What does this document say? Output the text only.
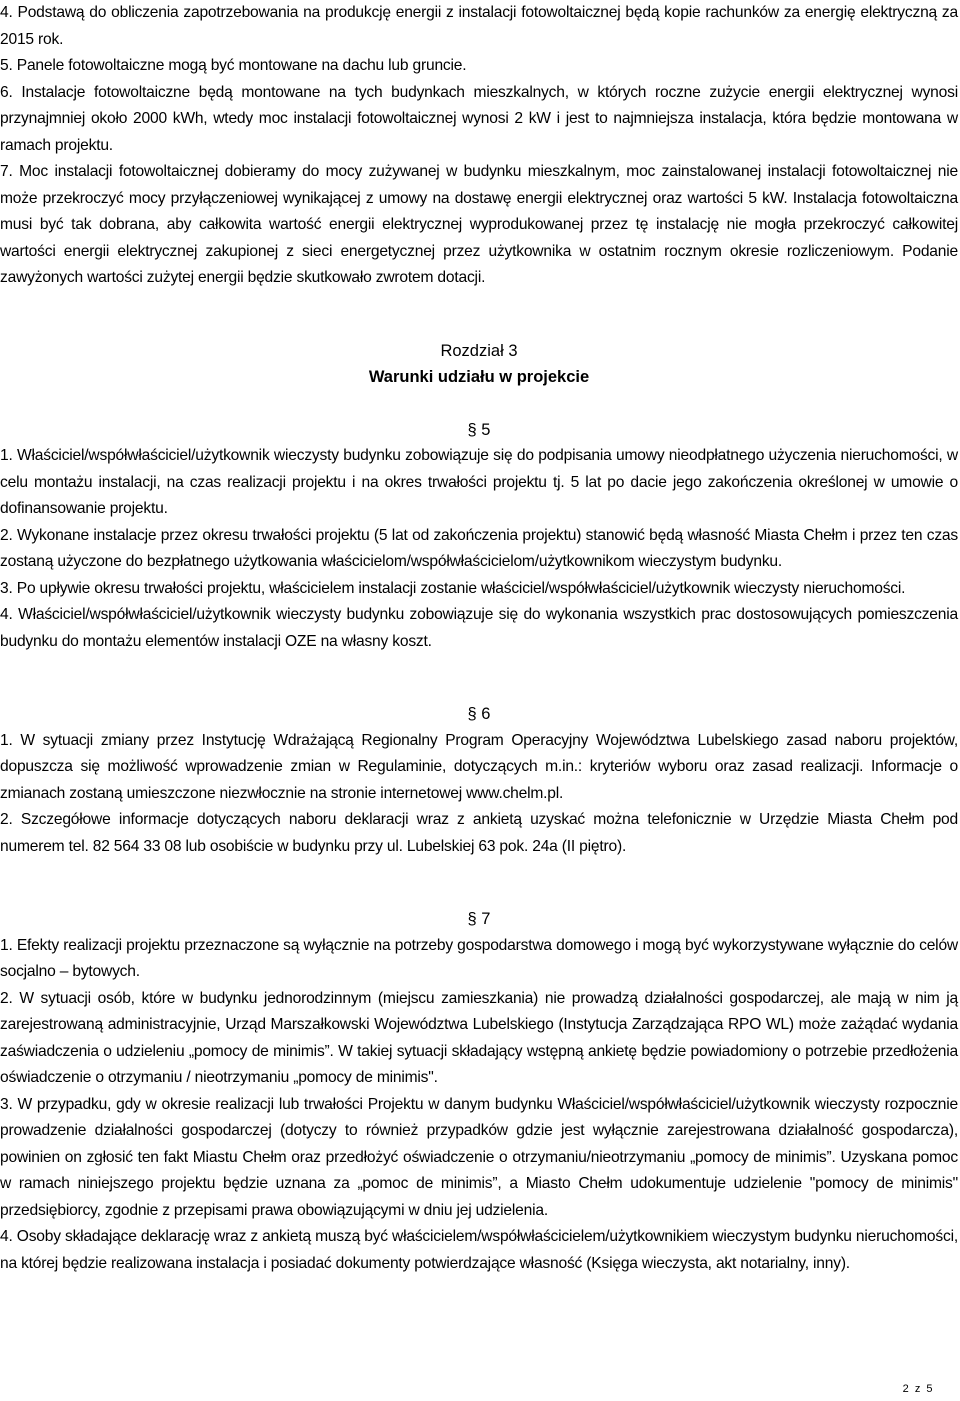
4. Podstawą do obliczenia zapotrzebowania na produkcję energii z instalacji fotowoltaicznej będą kopie rachunków za energię elektryczną za 2015 rok.

5. Panele fotowoltaiczne mogą być montowane na dachu lub gruncie.

6. Instalacje fotowoltaiczne będą montowane na tych budynkach mieszkalnych, w których roczne zużycie energii elektrycznej wynosi przynajmniej około 2000 kWh, wtedy moc instalacji fotowoltaicznej wynosi 2 kW i jest to najmniejsza instalacja, która będzie montowana w ramach projektu.

7. Moc instalacji fotowoltaicznej dobieramy do mocy zużywanej w budynku mieszkalnym, moc zainstalowanej instalacji fotowoltaicznej nie może przekroczyć mocy przyłączeniowej wynikającej z umowy na dostawę energii elektrycznej oraz wartości 5 kW. Instalacja fotowoltaiczna musi być tak dobrana, aby całkowita wartość energii elektrycznej wyprodukowanej przez tę instalację nie mogła przekroczyć całkowitej wartości energii elektrycznej zakupionej z sieci energetycznej przez użytkownika w ostatnim rocznym okresie rozliczeniowym. Podanie zawyżonych wartości zużytej energii będzie skutkowało zwrotem dotacji.

Rozdział 3

Warunki udziału w projekcie

§ 5

1. Właściciel/współwłaściciel/użytkownik wieczysty budynku zobowiązuje się do podpisania umowy nieodpłatnego użyczenia nieruchomości, w celu montażu instalacji, na czas realizacji projektu i na okres trwałości projektu tj. 5 lat po dacie jego zakończenia określonej w umowie o dofinansowanie projektu.

2. Wykonane instalacje przez okresu trwałości projektu (5 lat od zakończenia projektu) stanowić będą własność Miasta Chełm i przez ten czas zostaną użyczone do bezpłatnego użytkowania właścicielom/współwłaścicielom/użytkownikom wieczystym budynku.

3. Po upływie okresu trwałości projektu, właścicielem instalacji zostanie właściciel/współwłaściciel/użytkownik wieczysty nieruchomości.

4. Właściciel/współwłaściciel/użytkownik wieczysty budynku zobowiązuje się do wykonania wszystkich prac dostosowujących pomieszczenia budynku do montażu elementów instalacji OZE na własny koszt.

§ 6

1. W sytuacji zmiany przez Instytucję Wdrażającą Regionalny Program Operacyjny Województwa Lubelskiego zasad naboru projektów, dopuszcza się możliwość wprowadzenie zmian w Regulaminie, dotyczących m.in.: kryteriów wyboru oraz zasad realizacji. Informacje o zmianach zostaną umieszczone niezwłocznie na stronie internetowej www.chelm.pl.

2. Szczegółowe informacje dotyczących naboru deklaracji wraz z ankietą uzyskać można telefonicznie w Urzędzie Miasta Chełm pod numerem tel. 82 564 33 08 lub osobiście w budynku przy ul. Lubelskiej 63 pok. 24a (II piętro).

§ 7

1. Efekty realizacji projektu przeznaczone są wyłącznie na potrzeby gospodarstwa domowego i mogą być wykorzystywane wyłącznie do celów socjalno – bytowych.

2. W sytuacji osób, które w budynku jednorodzinnym (miejscu zamieszkania) nie prowadzą działalności gospodarczej, ale mają w nim ją zarejestrowaną administracyjnie, Urząd Marszałkowski Województwa Lubelskiego (Instytucja Zarządzająca RPO WL) może zażądać wydania zaświadczenia o udzieleniu „pomocy de minimis”. W takiej sytuacji składający wstępną ankietę będzie powiadomiony o potrzebie przedłożenia oświadczenie o otrzymaniu / nieotrzymaniu „pomocy de minimis".

3. W przypadku, gdy w okresie realizacji lub trwałości Projektu w danym budynku Właściciel/współwłaściciel/użytkownik wieczysty rozpocznie prowadzenie działalności gospodarczej (dotyczy to również przypadków gdzie jest wyłącznie zarejestrowana działalność gospodarcza), powinien on zgłosić ten fakt Miastu Chełm oraz przedłożyć oświadczenie o otrzymaniu/nieotrzymaniu „pomocy de minimis”. Uzyskana pomoc w ramach niniejszego projektu będzie uznana za „pomoc de minimis”, a Miasto Chełm udokumentuje udzielenie "pomocy de minimis" przedsiębiorcy, zgodnie z przepisami prawa obowiązującymi w dniu jej udzielenia.

4. Osoby składające deklarację wraz z ankietą muszą być właścicielem/współwłaścicielem/użytkownikiem wieczystym budynku nieruchomości, na której będzie realizowana instalacja i posiadać dokumenty potwierdzające własność (Księga wieczysta, akt notarialny, inny).

2 z 5
